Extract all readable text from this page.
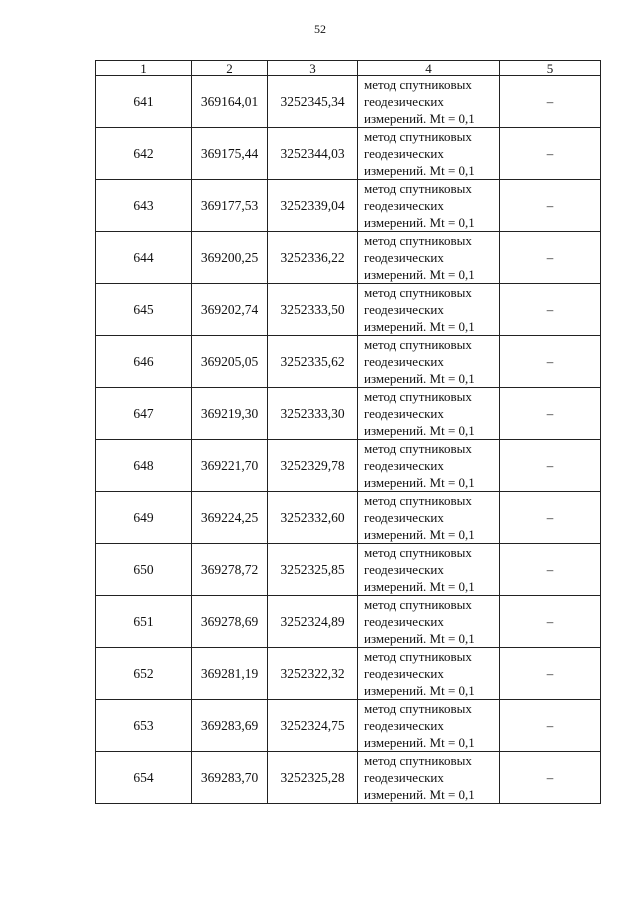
52
1	2	3	4	5
641	369164,01	3252345,34	метод спутниковых
геодезических
измерений. Mt = 0,1	–
642	369175,44	3252344,03	метод спутниковых
геодезических
измерений. Mt = 0,1	–
643	369177,53	3252339,04	метод спутниковых
геодезических
измерений. Mt = 0,1	–
644	369200,25	3252336,22	метод спутниковых
геодезических
измерений. Mt = 0,1	–
645	369202,74	3252333,50	метод спутниковых
геодезических
измерений. Mt = 0,1	–
646	369205,05	3252335,62	метод спутниковых
геодезических
измерений. Mt = 0,1	–
647	369219,30	3252333,30	метод спутниковых
геодезических
измерений. Mt = 0,1	–
648	369221,70	3252329,78	метод спутниковых
геодезических
измерений. Mt = 0,1	–
649	369224,25	3252332,60	метод спутниковых
геодезических
измерений. Mt = 0,1	–
650	369278,72	3252325,85	метод спутниковых
геодезических
измерений. Mt = 0,1	–
651	369278,69	3252324,89	метод спутниковых
геодезических
измерений. Mt = 0,1	–
652	369281,19	3252322,32	метод спутниковых
геодезических
измерений. Mt = 0,1	–
653	369283,69	3252324,75	метод спутниковых
геодезических
измерений. Mt = 0,1	–
654	369283,70	3252325,28	метод спутниковых
геодезических
измерений. Mt = 0,1	–
